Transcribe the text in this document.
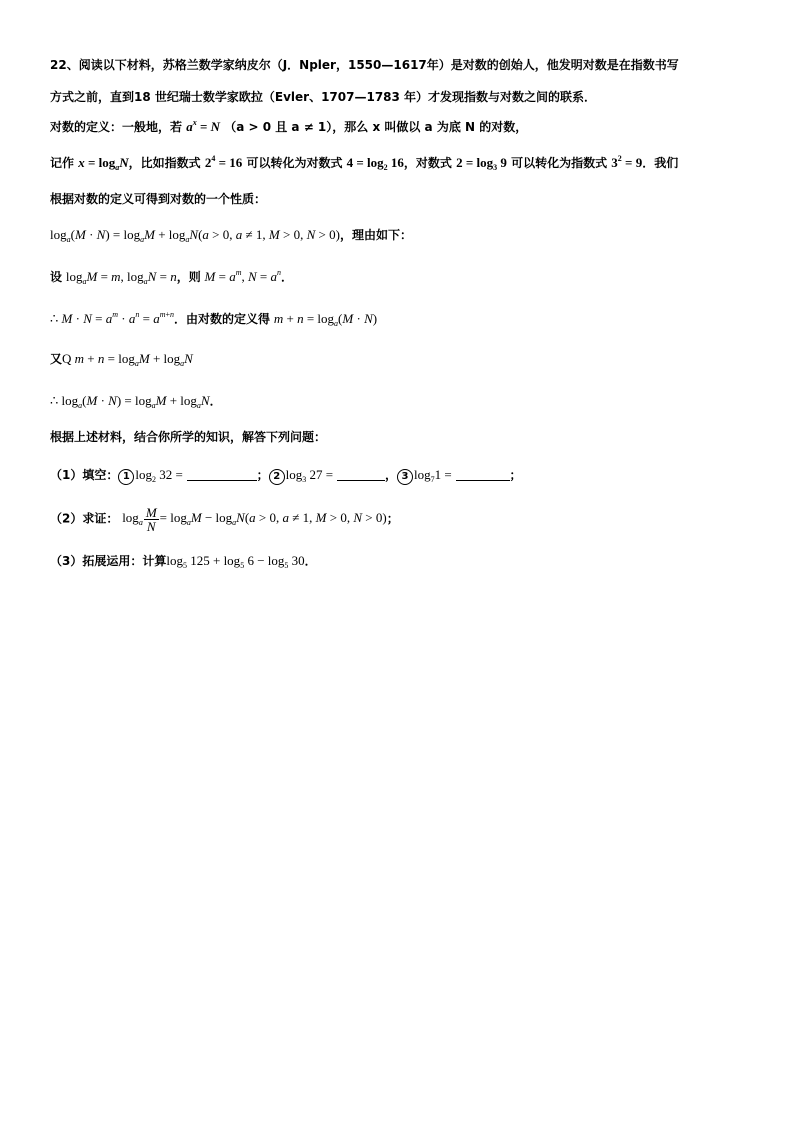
22、阅读以下材料，苏格兰数学家纳皮尔（J．Npler，1550—1617年）是对数的创始人，他发明对数是在指数书写
方式之前，直到18 世纪瑞士数学家欧拉（Evler、1707—1783 年）才发现指数与对数之间的联系．
对数的定义：一般地，若 $a^x = N$ （a > 0 且 a ≠ 1），那么 x 叫做以 a 为底 N 的对数，
记作 $x = \log_aN$，比如指数式 $2^4 = 16$ 可以转化为对数式 $4 = \log_2 16$，对数式 $2 = \log_3 9$ 可以转化为指数式 $3^2 = 9$．我们
根据对数的定义可得到对数的一个性质：
$\log_a(M \cdot N) = \log_aM + \log_aN(a > 0$, a ≠ 1, M > 0, N > 0)，理由如下：
设 $\log_aM = m$, $\log_aN = n$，则 $M = a^m$, $N = a^n$．
∴ $M \cdot N = a^m \cdot a^n = a^{m+n}$．由对数的定义得 $m + n = \log_a(M \cdot N)$
又Q $m + n = \log_aM + \log_aN$
∴ $\log_a(M \cdot N) = \log_aM + \log_aN$．
根据上述材料，结合你所学的知识，解答下列问题：
（1）填空： 1 $\log_2 32$ =	； 2 $\log_3 27$ =	， 3 $\log_71$ =	；
（2）求证： $\log_a \frac{M}{N} = \log_aM - \log_aN(a > 0$, a ≠ 1, M > 0, N > 0)；
（3）拓展运用：计算$\log_5 125 + \log_5 6 - \log_5 30$．
